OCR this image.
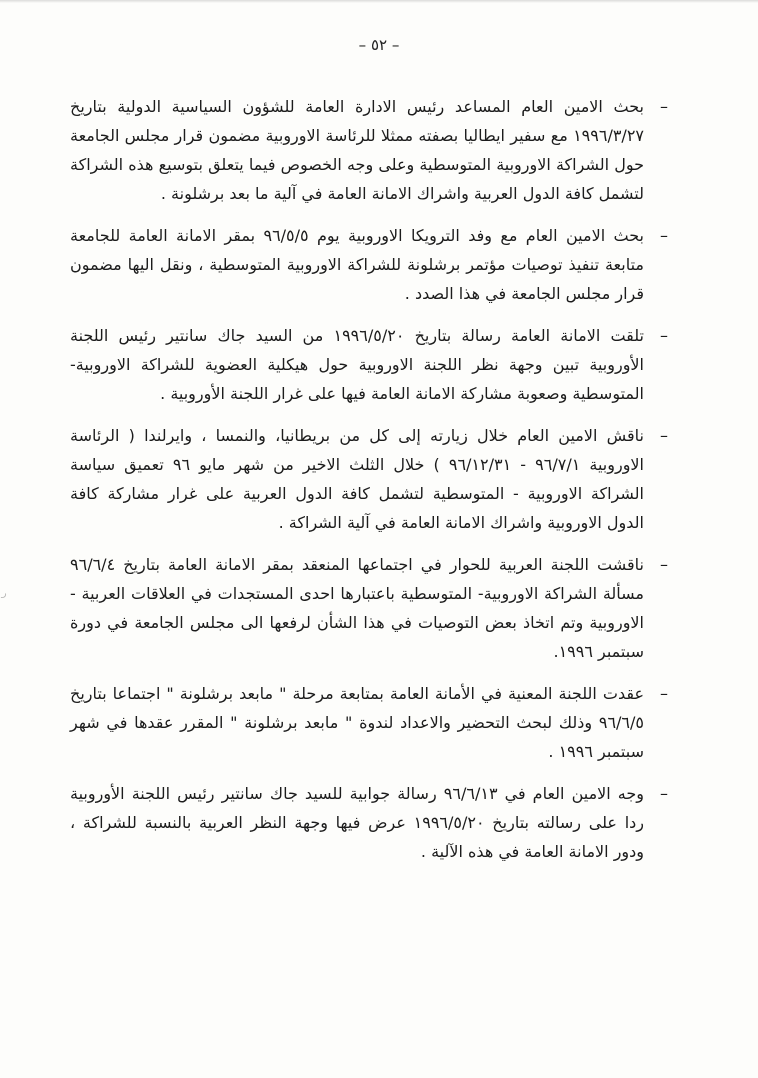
– ٥٢ –
–

بحث الامين العام المساعد رئيس الادارة العامة للشؤون السياسية الدولية بتاريخ ١٩٩٦/٣/٢٧ مع سفير ايطاليا بصفته ممثلا للرئاسة الاوروبية مضمون قرار مجلس الجامعة حول الشراكة الاوروبية المتوسطية وعلى وجه الخصوص فيما يتعلق بتوسيع هذه الشراكة لتشمل كافة الدول العربية واشراك الامانة العامة في آلية ما بعد برشلونة .

–

بحث الامين العام مع وفد الترويكا الاوروبية يوم ٩٦/٥/٥ بمقر الامانة العامة للجامعة متابعة تنفيذ توصيات مؤتمر برشلونة للشراكة الاوروبية المتوسطية ، ونقل اليها مضمون قرار مجلس الجامعة في هذا الصدد .

–

تلقت الامانة العامة رسالة بتاريخ ١٩٩٦/٥/٢٠ من السيد جاك سانتير رئيس اللجنة الأوروبية تبين وجهة نظر اللجنة الاوروبية حول هيكلية العضوية للشراكة الاوروبية- المتوسطية وصعوبة مشاركة الامانة العامة فيها على غرار اللجنة الأوروبية .

–

ناقش الامين العام خلال زيارته إلى كل من بريطانيا، والنمسا ، وايرلندا ( الرئاسة الاوروبية ٩٦/٧/١ - ٩٦/١٢/٣١ ) خلال الثلث الاخير من شهر مايو ٩٦ تعميق سياسة الشراكة الاوروبية - المتوسطية لتشمل كافة الدول العربية على غرار مشاركة كافة الدول الاوروبية واشراك الامانة العامة في آلية الشراكة .

–

ناقشت اللجنة العربية للحوار في اجتماعها المنعقد بمقر الامانة العامة بتاريخ ٩٦/٦/٤ مسألة الشراكة الاوروبية- المتوسطية باعتبارها احدى المستجدات في العلاقات العربية - الاوروبية وتم اتخاذ بعض التوصيات في هذا الشأن لرفعها الى مجلس الجامعة في دورة سبتمبر ١٩٩٦.

–

عقدت اللجنة المعنية في الأمانة العامة بمتابعة مرحلة " مابعد برشلونة " اجتماعا بتاريخ ٩٦/٦/٥ وذلك لبحث التحضير والاعداد لندوة " مابعد برشلونة " المقرر عقدها في شهر سبتمبر ١٩٩٦ .

–

وجه الامين العام في ٩٦/٦/١٣ رسالة جوابية للسيد جاك سانتير رئيس اللجنة الأوروبية ردا على رسالته بتاريخ ١٩٩٦/٥/٢٠ عرض فيها وجهة النظر العربية بالنسبة للشراكة ، ودور الامانة العامة في هذه الآلية .

ر
